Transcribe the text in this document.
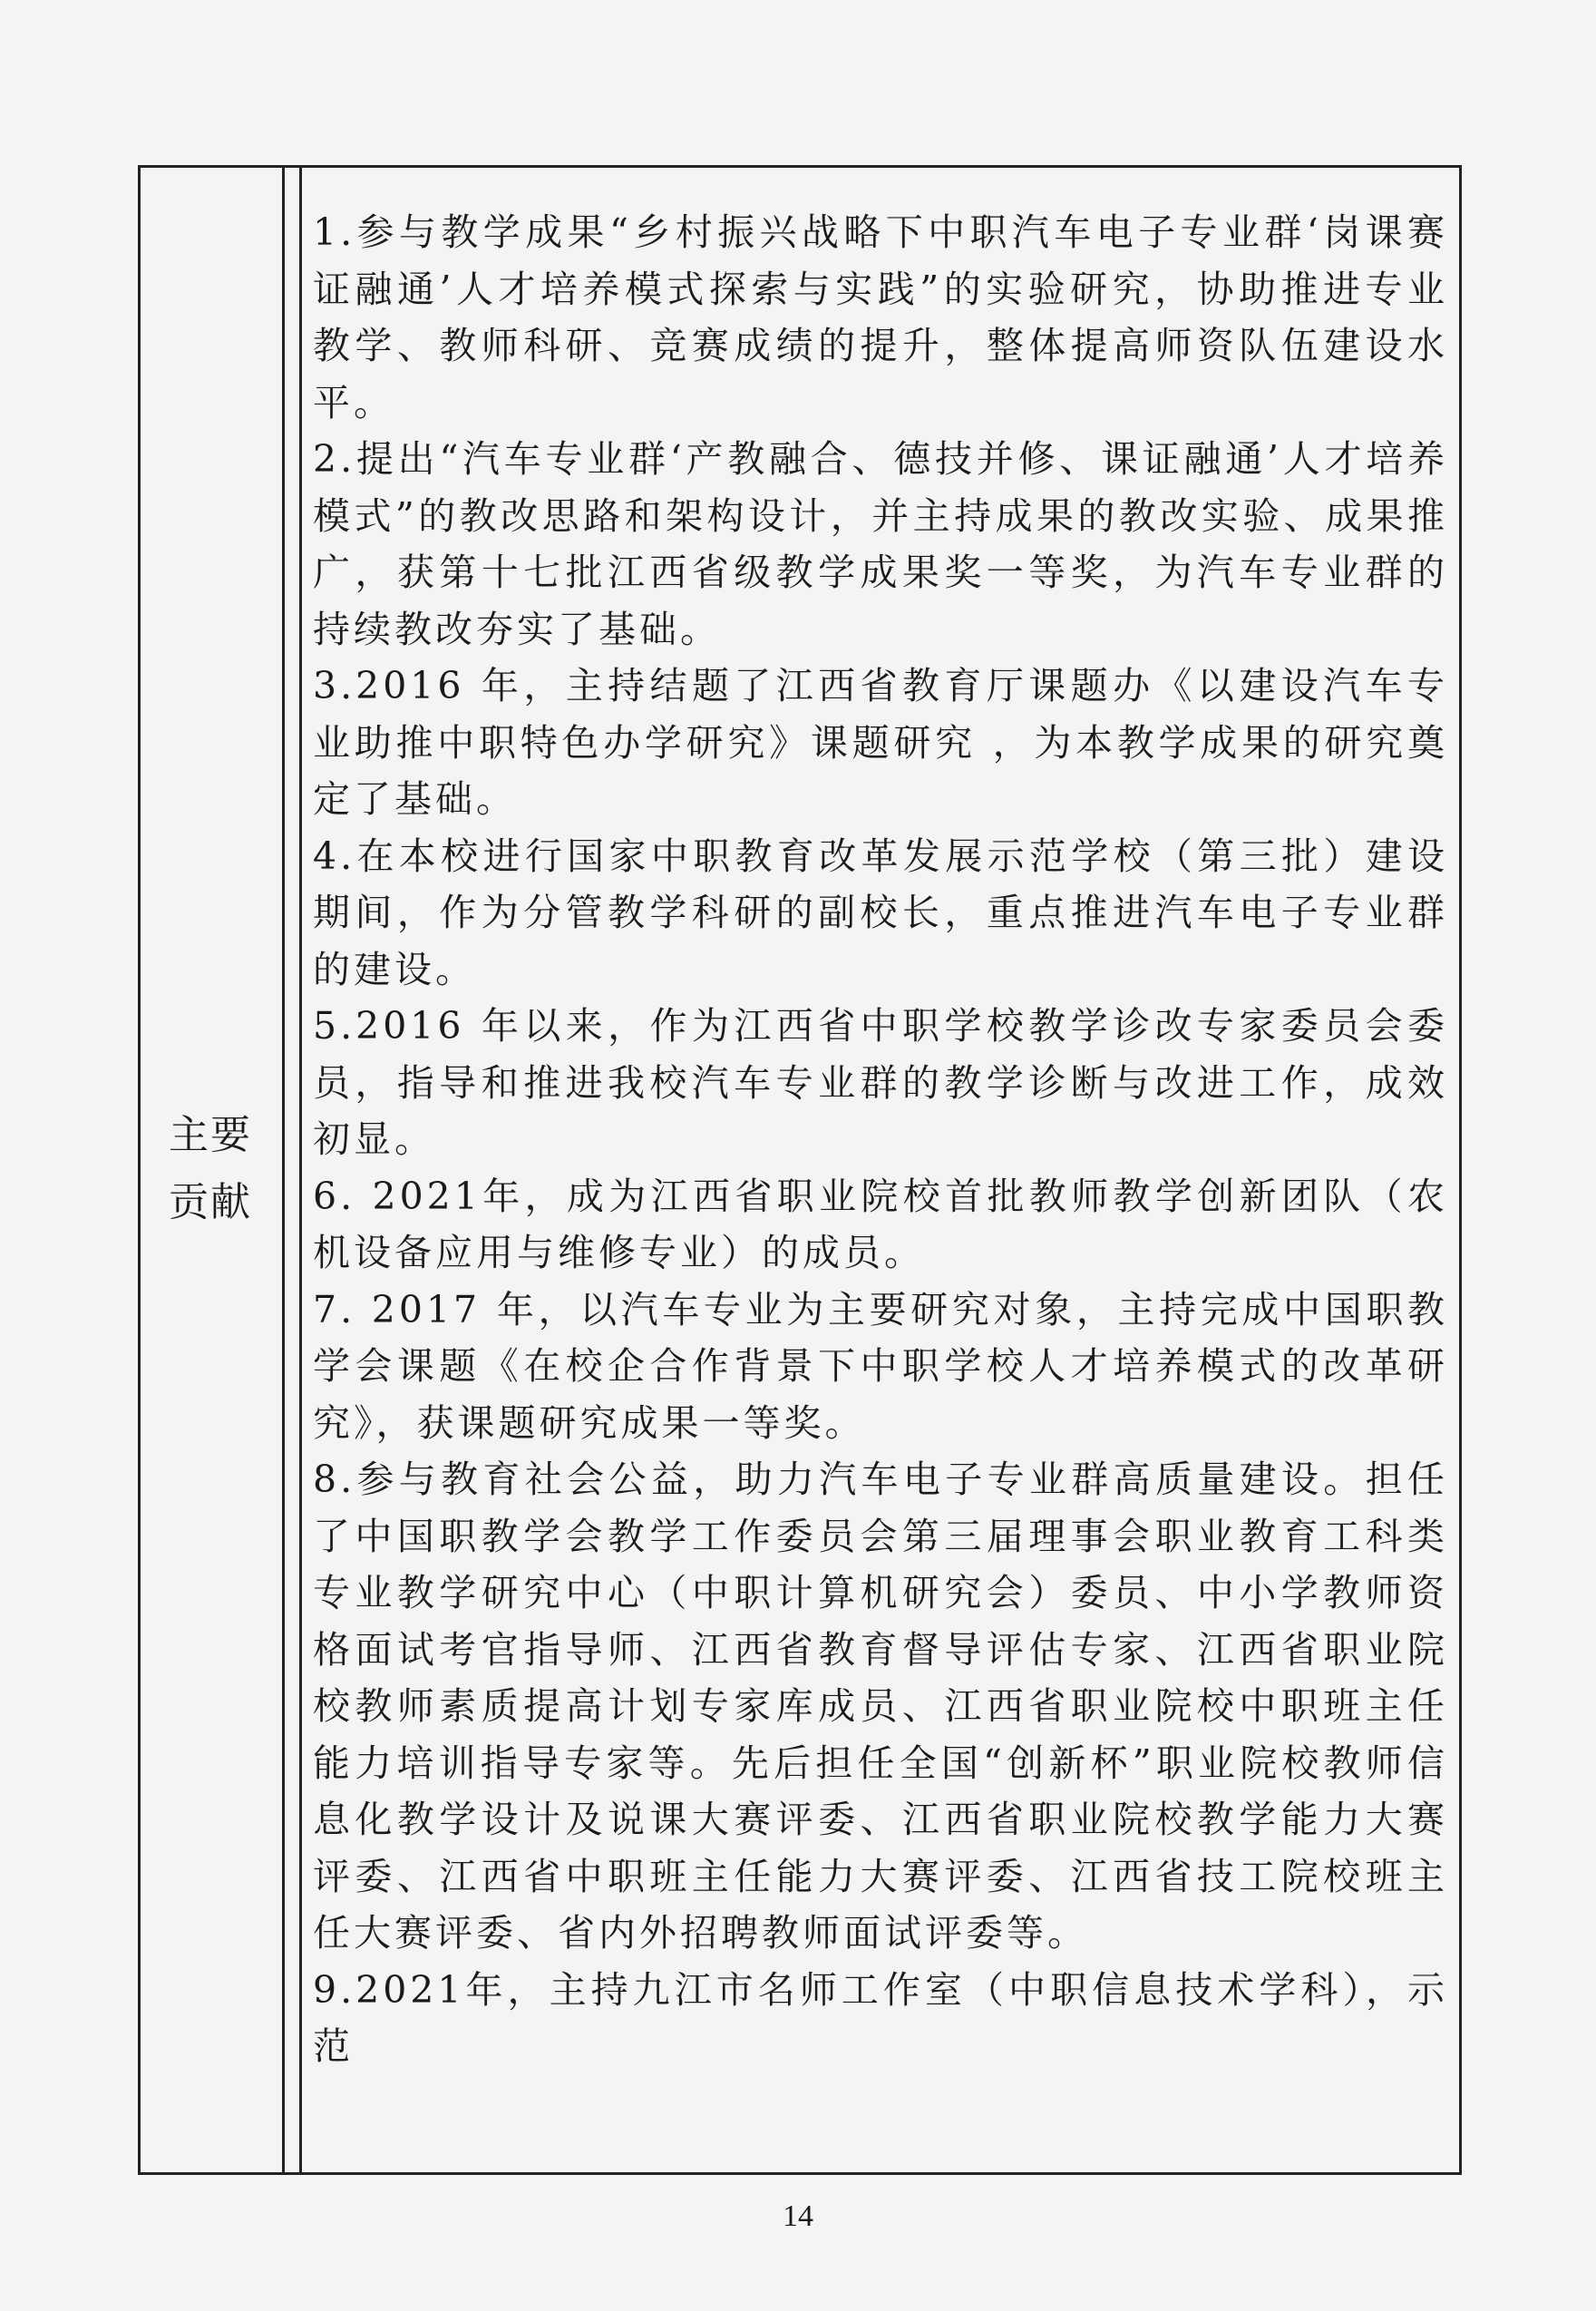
主要
贡献

1.参与教学成果“乡村振兴战略下中职汽车电子专业群‘岗课赛证融通’人才培养模式探索与实践”的实验研究，协助推进专业教学、教师科研、竞赛成绩的提升，整体提高师资队伍建设水平。

2.提出“汽车专业群‘产教融合、德技并修、课证融通’人才培养模式”的教改思路和架构设计，并主持成果的教改实验、成果推广，获第十七批江西省级教学成果奖一等奖，为汽车专业群的持续教改夯实了基础。

3.2016 年，主持结题了江西省教育厅课题办《以建设汽车专业助推中职特色办学研究》课题研究 ，为本教学成果的研究奠定了基础。

4.在本校进行国家中职教育改革发展示范学校（第三批）建设期间，作为分管教学科研的副校长，重点推进汽车电子专业群的建设。

5.2016 年以来，作为江西省中职学校教学诊改专家委员会委员，指导和推进我校汽车专业群的教学诊断与改进工作，成效初显。

6. 2021年，成为江西省职业院校首批教师教学创新团队（农机设备应用与维修专业）的成员。

7. 2017 年，以汽车专业为主要研究对象，主持完成中国职教学会课题《在校企合作背景下中职学校人才培养模式的改革研究》，获课题研究成果一等奖。

8.参与教育社会公益，助力汽车电子专业群高质量建设。担任了中国职教学会教学工作委员会第三届理事会职业教育工科类专业教学研究中心（中职计算机研究会）委员、中小学教师资格面试考官指导师、江西省教育督导评估专家、江西省职业院校教师素质提高计划专家库成员、江西省职业院校中职班主任能力培训指导专家等。先后担任全国“创新杯”职业院校教师信息化教学设计及说课大赛评委、江西省职业院校教学能力大赛评委、江西省中职班主任能力大赛评委、江西省技工院校班主任大赛评委、省内外招聘教师面试评委等。

9.2021年，主持九江市名师工作室（中职信息技术学科），示范

14
